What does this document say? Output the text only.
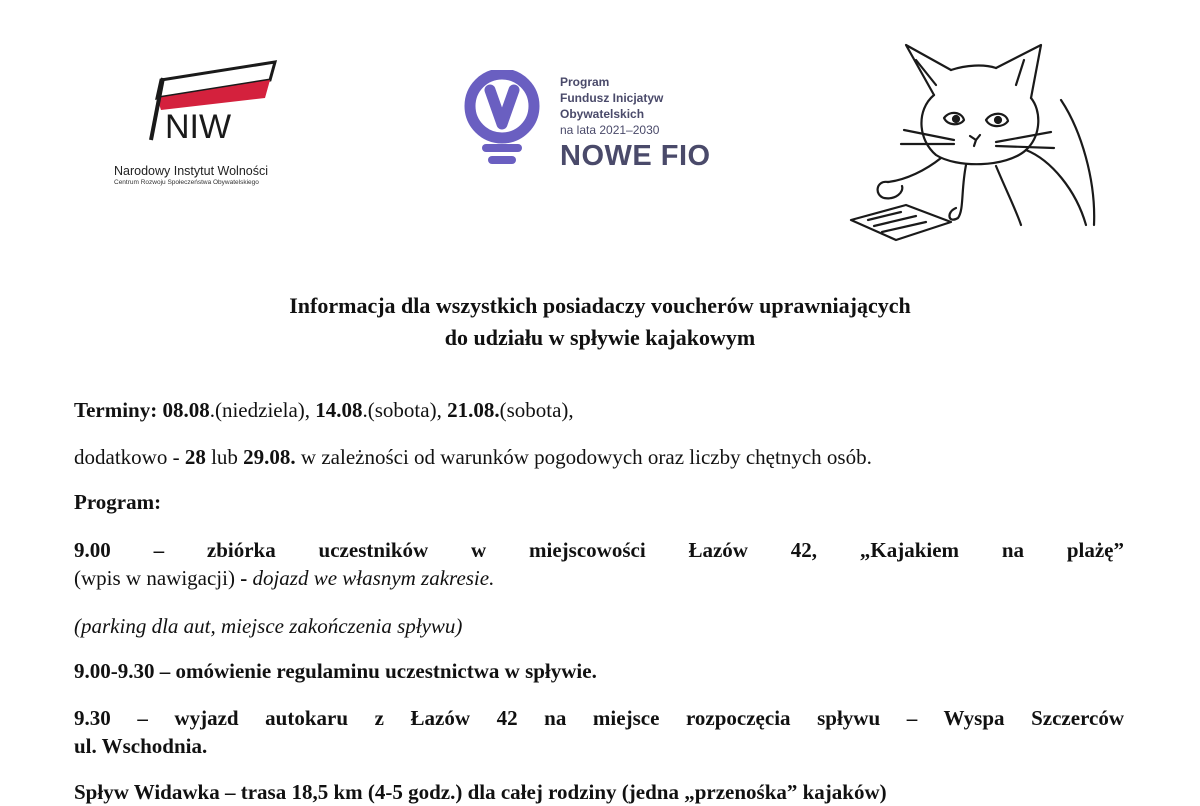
NIW
Narodowy Instytut Wolności
Centrum Rozwoju Społeczeństwa Obywatelskiego
Program
Fundusz Inicjatyw
Obywatelskich
na lata 2021–2030
NOWE FIO
Informacja dla wszystkich posiadaczy voucherów uprawniających
do udziału w spływie kajakowym
Terminy: 08.08.(niedziela), 14.08.(sobota), 21.08.(sobota),
dodatkowo - 28 lub 29.08. w zależności od warunków pogodowych oraz liczby chętnych osób.
Program:
9.00 – zbiórka uczestników w miejscowości Łazów 42, „Kajakiem na plażę”
(wpis w nawigacji) - dojazd we własnym zakresie.
(parking dla aut, miejsce zakończenia spływu)
9.00-9.30 – omówienie regulaminu uczestnictwa w spływie.
9.30 – wyjazd autokaru z Łazów 42 na miejsce rozpoczęcia spływu – Wyspa Szczerców
ul. Wschodnia.
Spływ Widawka – trasa 18,5 km (4-5 godz.) dla całej rodziny (jedna „przenośka” kajaków)
